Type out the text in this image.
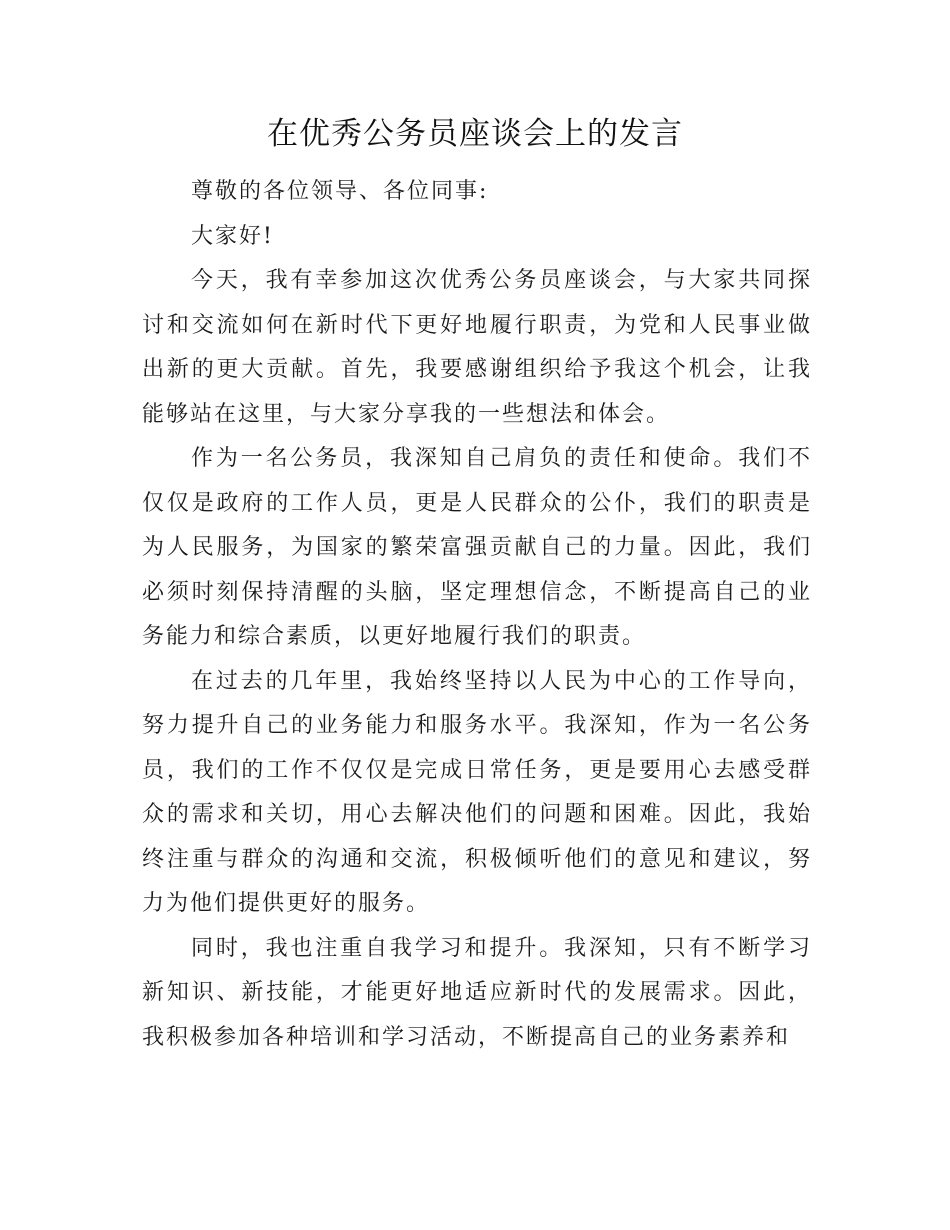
在优秀公务员座谈会上的发言

尊敬的各位领导、各位同事:

大家好!

今天，我有幸参加这次优秀公务员座谈会，与大家共同探讨和交流如何在新时代下更好地履行职责，为党和人民事业做出新的更大贡献。首先，我要感谢组织给予我这个机会，让我能够站在这里，与大家分享我的一些想法和体会。

作为一名公务员，我深知自己肩负的责任和使命。我们不仅仅是政府的工作人员，更是人民群众的公仆，我们的职责是为人民服务，为国家的繁荣富强贡献自己的力量。因此，我们必须时刻保持清醒的头脑，坚定理想信念，不断提高自己的业务能力和综合素质，以更好地履行我们的职责。

在过去的几年里，我始终坚持以人民为中心的工作导向，努力提升自己的业务能力和服务水平。我深知，作为一名公务员，我们的工作不仅仅是完成日常任务，更是要用心去感受群众的需求和关切，用心去解决他们的问题和困难。因此，我始终注重与群众的沟通和交流，积极倾听他们的意见和建议，努力为他们提供更好的服务。

同时，我也注重自我学习和提升。我深知，只有不断学习新知识、新技能，才能更好地适应新时代的发展需求。因此，我积极参加各种培训和学习活动，不断提高自己的业务素养和
